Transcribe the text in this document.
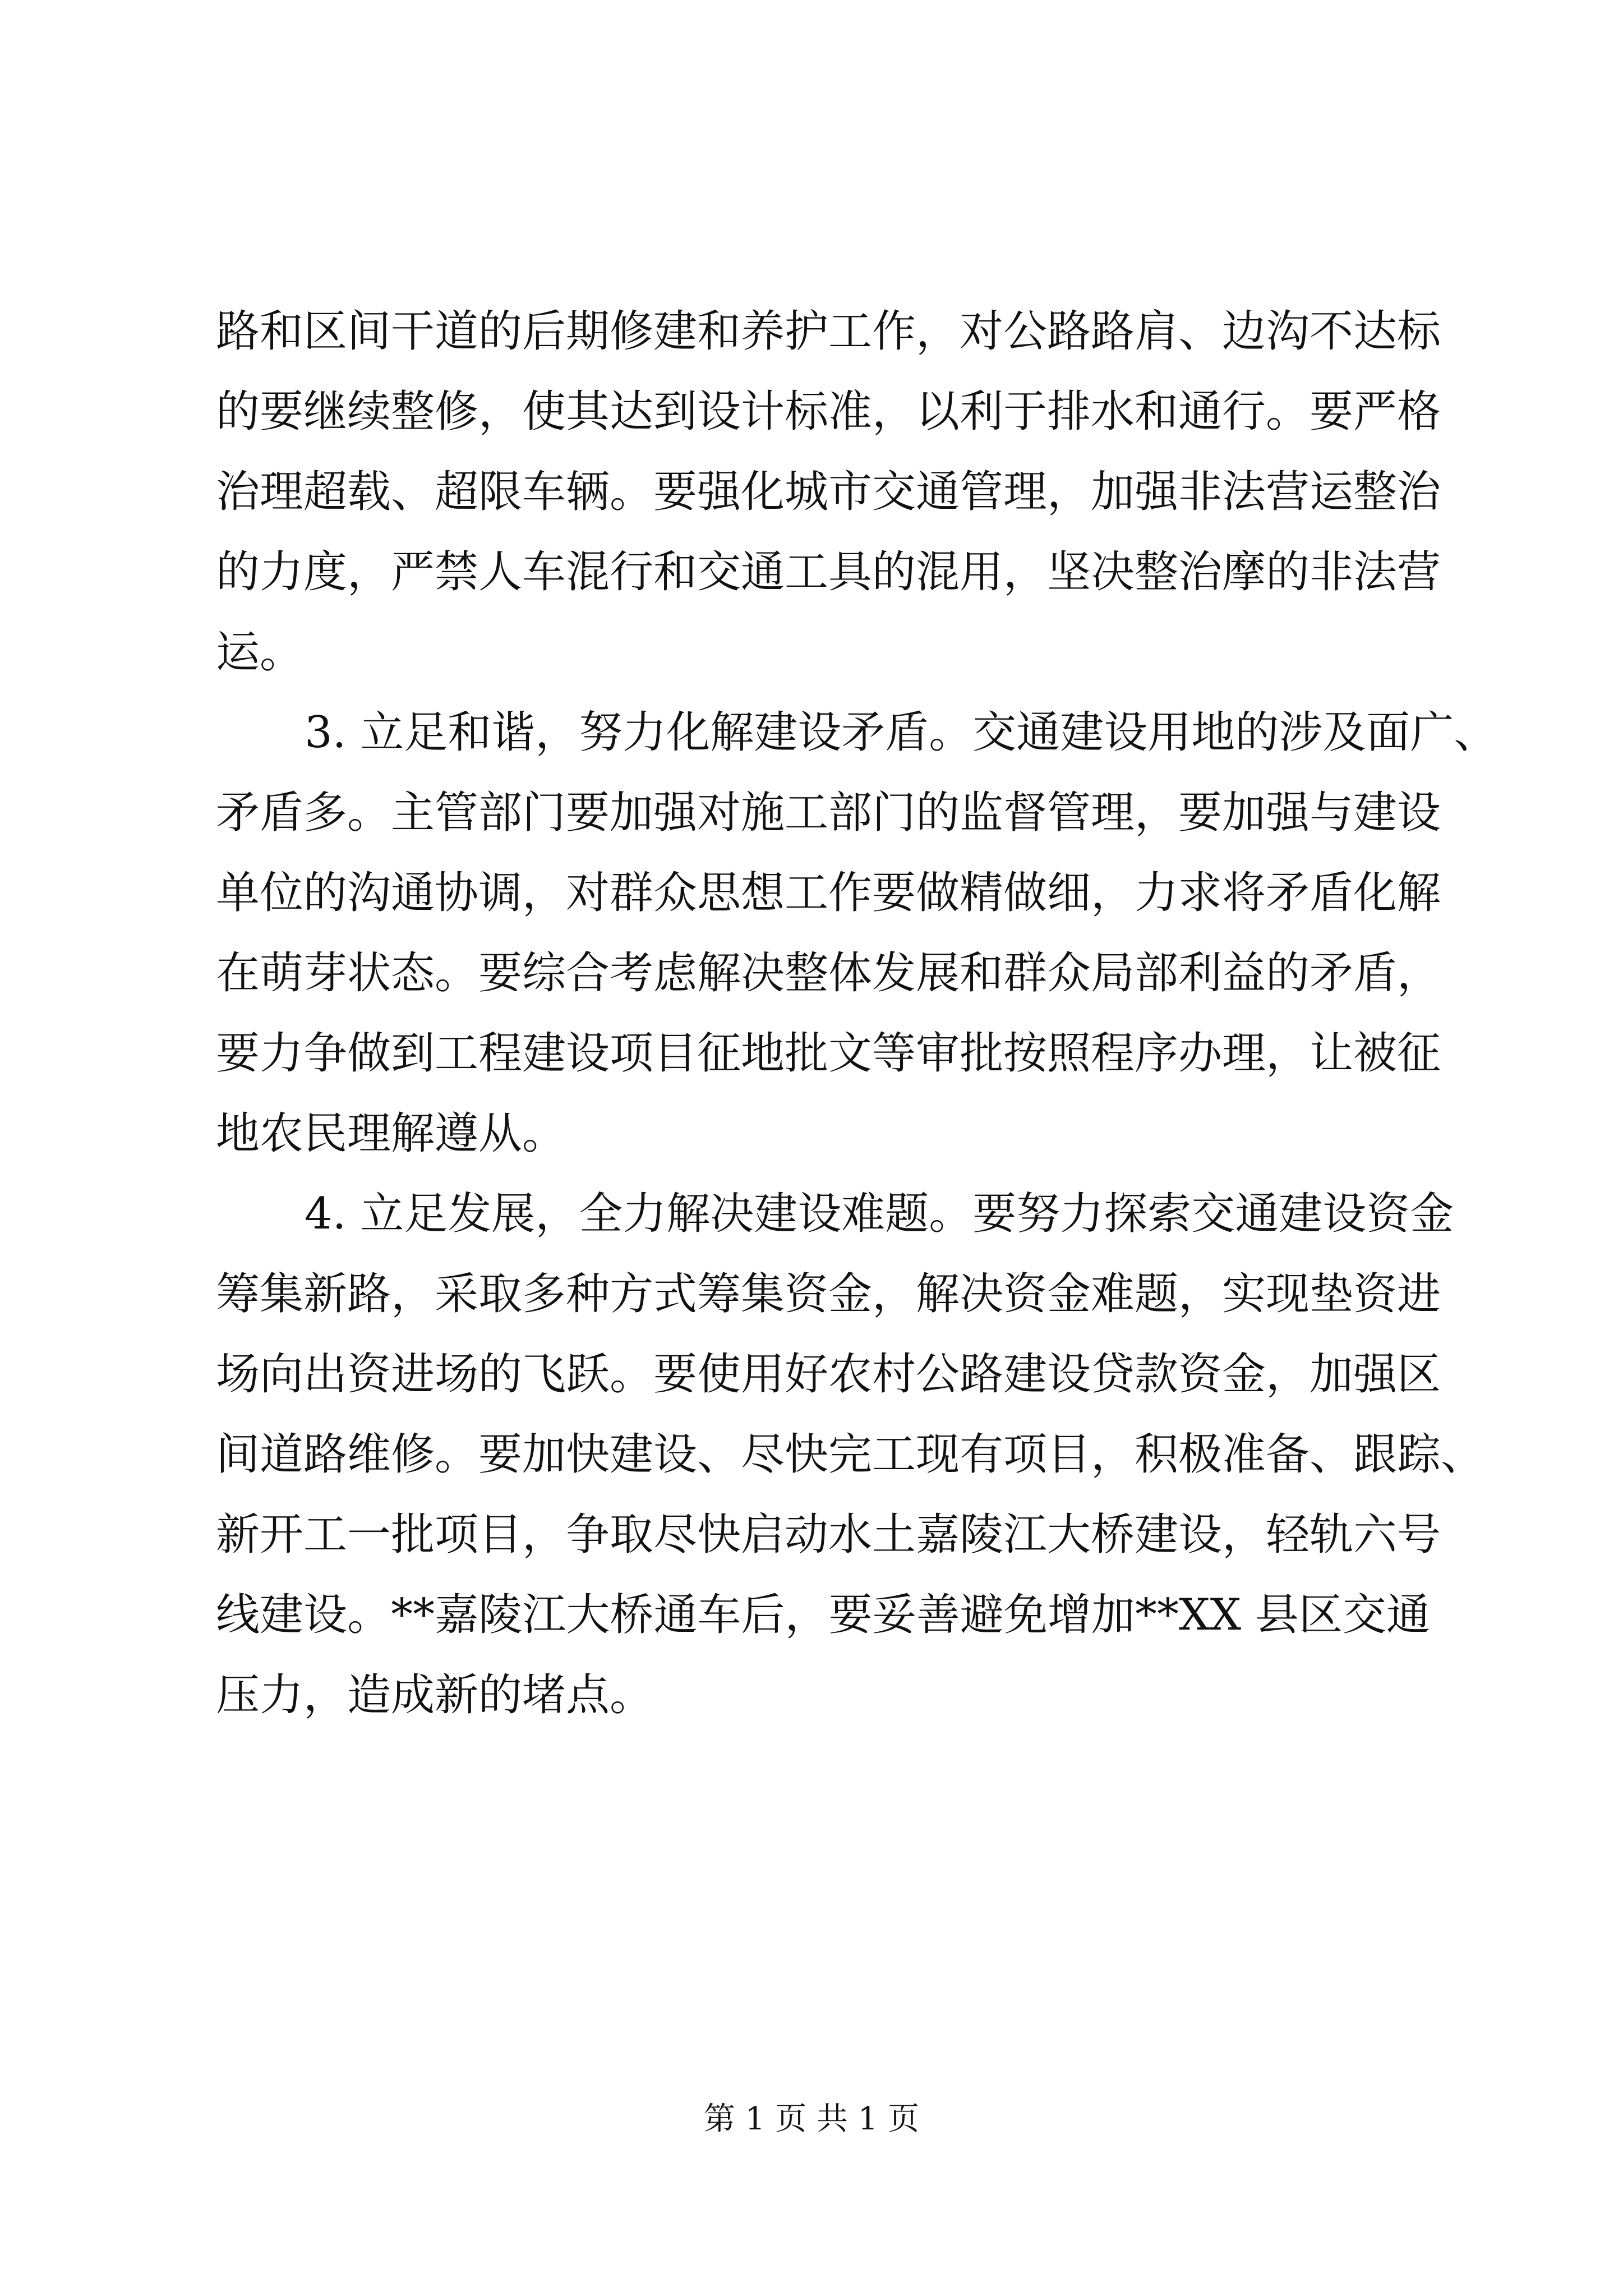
路和区间干道的后期修建和养护工作，对公路路肩、边沟不达标
的要继续整修，使其达到设计标准，以利于排水和通行。要严格
治理超载、超限车辆。要强化城市交通管理，加强非法营运整治
的力度，严禁人车混行和交通工具的混用，坚决整治摩的非法营
运。
3. 立足和谐，努力化解建设矛盾。交通建设用地的涉及面广、
矛盾多。主管部门要加强对施工部门的监督管理，要加强与建设
单位的沟通协调，对群众思想工作要做精做细，力求将矛盾化解
在萌芽状态。要综合考虑解决整体发展和群众局部利益的矛盾，
要力争做到工程建设项目征地批文等审批按照程序办理，让被征
地农民理解遵从。
4. 立足发展，全力解决建设难题。要努力探索交通建设资金
筹集新路，采取多种方式筹集资金，解决资金难题，实现垫资进
场向出资进场的飞跃。要使用好农村公路建设贷款资金，加强区
间道路维修。要加快建设、尽快完工现有项目，积极准备、跟踪、
新开工一批项目，争取尽快启动水土嘉陵江大桥建设，轻轨六号
线建设。**嘉陵江大桥通车后，要妥善避免增加**XX 县区交通
压力，造成新的堵点。
第 1 页 共 1 页
